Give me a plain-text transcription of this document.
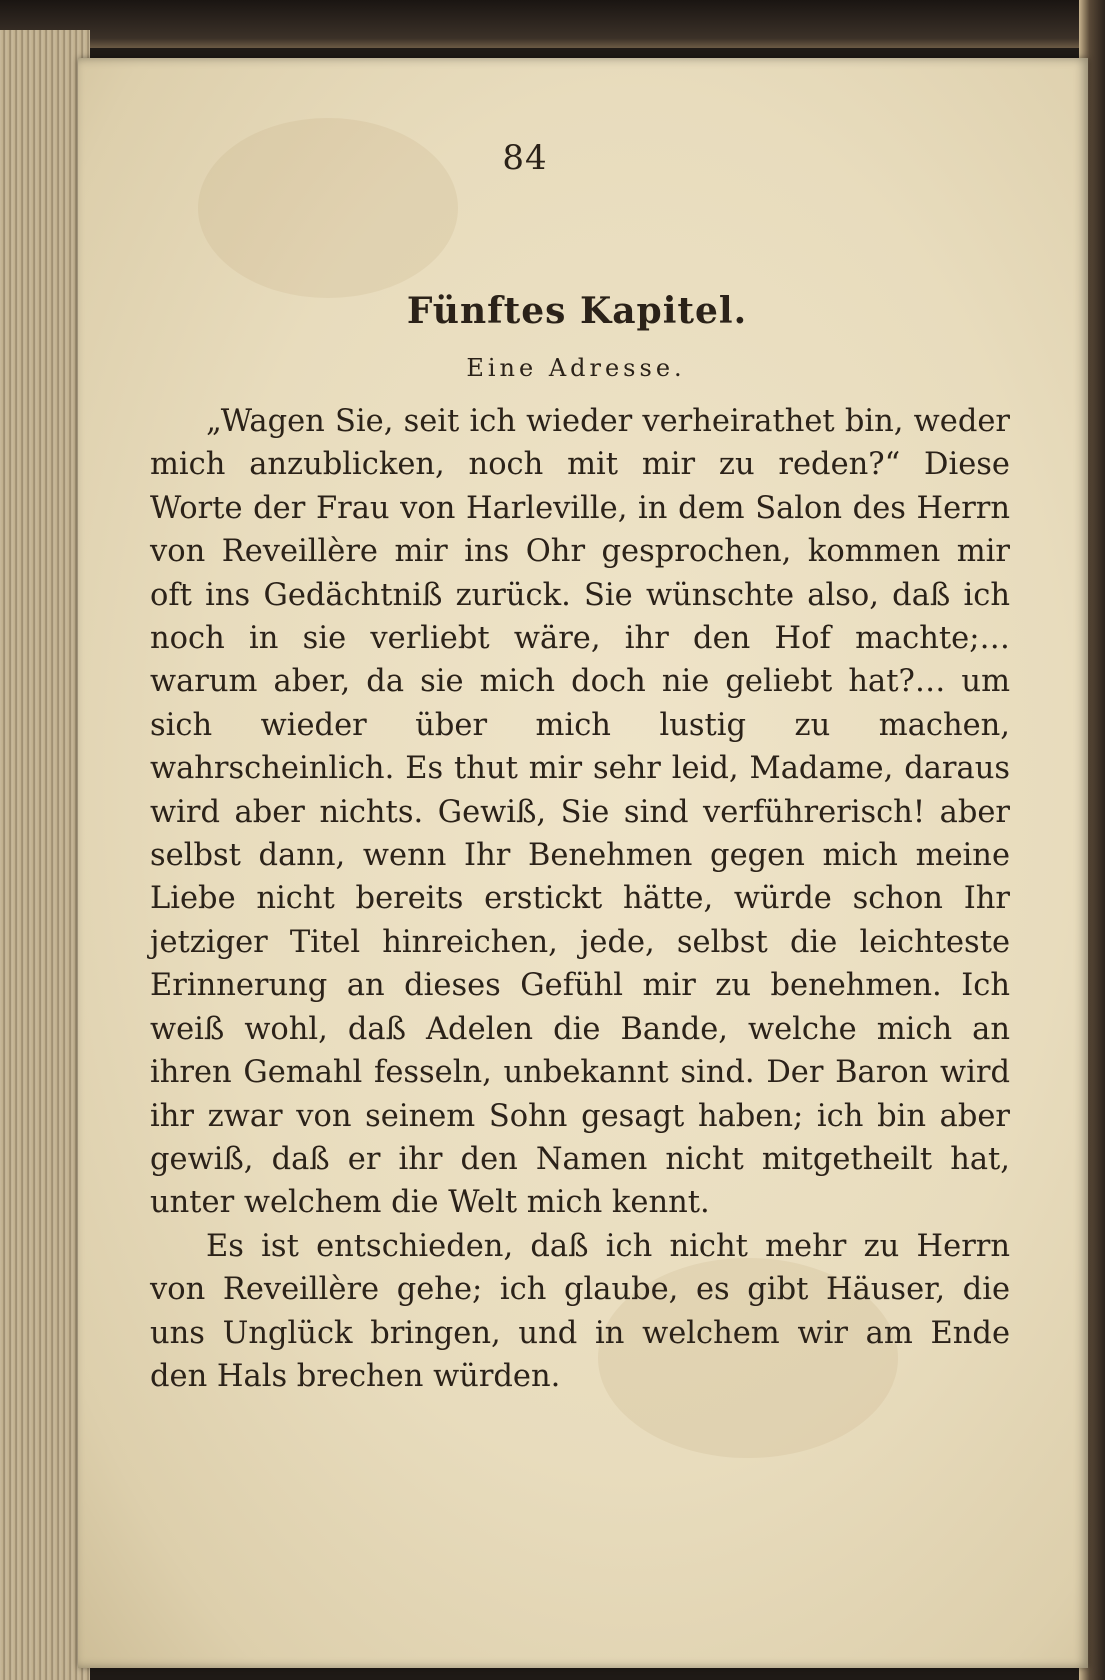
84
Fünftes Kapitel.
Eine Adresse.

„Wagen Sie, seit ich wieder verheirathet bin, weder mich anzublicken, noch mit mir zu reden?“ Diese Worte der Frau von Harleville, in dem Salon des Herrn von Reveillère mir ins Ohr gesprochen, kommen mir oft ins Gedächtniß zurück. Sie wünschte also, daß ich noch in sie verliebt wäre, ihr den Hof machte;… warum aber, da sie mich doch nie geliebt hat?… um sich wieder über mich lustig zu machen, wahrscheinlich. Es thut mir sehr leid, Madame, daraus wird aber nichts. Gewiß, Sie sind verführerisch! aber selbst dann, wenn Ihr Benehmen gegen mich meine Liebe nicht bereits erstickt hätte, würde schon Ihr jetziger Titel hinreichen, jede, selbst die leichteste Erinnerung an dieses Gefühl mir zu benehmen. Ich weiß wohl, daß Adelen die Bande, welche mich an ihren Gemahl fesseln, unbekannt sind. Der Baron wird ihr zwar von seinem Sohn gesagt haben; ich bin aber gewiß, daß er ihr den Namen nicht mitgetheilt hat, unter welchem die Welt mich kennt.

Es ist entschieden, daß ich nicht mehr zu Herrn von Reveillère gehe; ich glaube, es gibt Häuser, die uns Unglück bringen, und in welchem wir am Ende den Hals brechen würden.
